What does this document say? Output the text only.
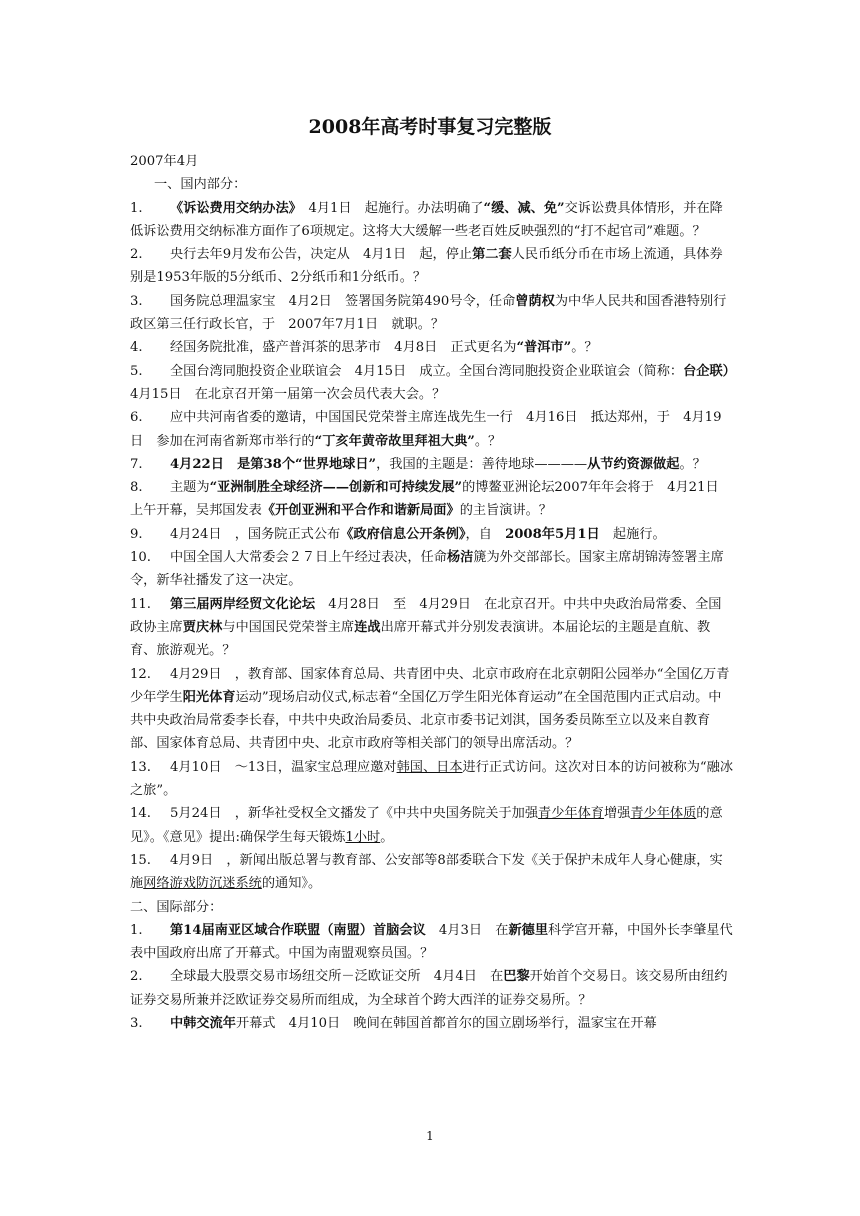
2008年高考时事复习完整版

2007年4月

一、国内部分：

1. 《诉讼费用交纳办法》　4月1日　起施行。办法明确了“缓、减、免”交诉讼费具体情形，并在降低诉讼费用交纳标准方面作了6项规定。这将大大缓解一些老百姓反映强烈的“打不起官司”难题。？

2. 央行去年9月发布公告，决定从　4月1日　起，停止第二套人民币纸分币在市场上流通，具体券别是1953年版的5分纸币、2分纸币和1分纸币。？

3. 国务院总理温家宝　4月2日　签署国务院第490号令，任命曾荫权为中华人民共和国香港特别行政区第三任行政长官，于　2007年7月1日　就职。？

4. 经国务院批准，盛产普洱茶的思茅市　4月8日　正式更名为“普洱市”。？

5. 全国台湾同胞投资企业联谊会　4月15日　成立。全国台湾同胞投资企业联谊会（简称：台企联）　4月15日　在北京召开第一届第一次会员代表大会。？

6. 应中共河南省委的邀请，中国国民党荣誉主席连战先生一行　4月16日　抵达郑州，于　4月19日　参加在河南省新郑市举行的“丁亥年黄帝故里拜祖大典”。？

7. 4月22日　是第38个“世界地球日”，我国的主题是：善待地球————从节约资源做起。？

8. 主题为“亚洲制胜全球经济——创新和可持续发展”的博鳌亚洲论坛2007年年会将于　4月21日　上午开幕，吴邦国发表《开创亚洲和平合作和谐新局面》的主旨演讲。？

9. 4月24日　，国务院正式公布《政府信息公开条例》，自　2008年5月1日　起施行。

10. 中国全国人大常委会２７日上午经过表决，任命杨洁篪为外交部部长。国家主席胡锦涛签署主席令，新华社播发了这一决定。

11. 第三届两岸经贸文化论坛　4月28日　至　4月29日　在北京召开。中共中央政治局常委、全国政协主席贾庆林与中国国民党荣誉主席连战出席开幕式并分别发表演讲。本届论坛的主题是直航、教育、旅游观光。？

12. 4月29日　，教育部、国家体育总局、共青团中央、北京市政府在北京朝阳公园举办“全国亿万青少年学生阳光体育运动”现场启动仪式,标志着“全国亿万学生阳光体育运动”在全国范围内正式启动。中共中央政治局常委李长春，中共中央政治局委员、北京市委书记刘淇，国务委员陈至立以及来自教育部、国家体育总局、共青团中央、北京市政府等相关部门的领导出席活动。？

13. 4月10日　～13日，温家宝总理应邀对韩国、日本进行正式访问。这次对日本的访问被称为“融冰之旅”。

14. 5月24日　，新华社受权全文播发了《中共中央国务院关于加强青少年体育增强青少年体质的意见》。《意见》提出:确保学生每天锻炼1小时。

15. 4月9日　，新闻出版总署与教育部、公安部等8部委联合下发《关于保护未成年人身心健康，实施网络游戏防沉迷系统的通知》。

二、国际部分：

1. 第14届南亚区域合作联盟（南盟）首脑会议　4月3日　在新德里科学宫开幕，中国外长李肇星代表中国政府出席了开幕式。中国为南盟观察员国。？

2. 全球最大股票交易市场纽交所－泛欧证交所　4月4日　在巴黎开始首个交易日。该交易所由纽约证券交易所兼并泛欧证券交易所而组成，为全球首个跨大西洋的证券交易所。？

3. 中韩交流年开幕式　4月10日　晚间在韩国首都首尔的国立剧场举行，温家宝在开幕

1
